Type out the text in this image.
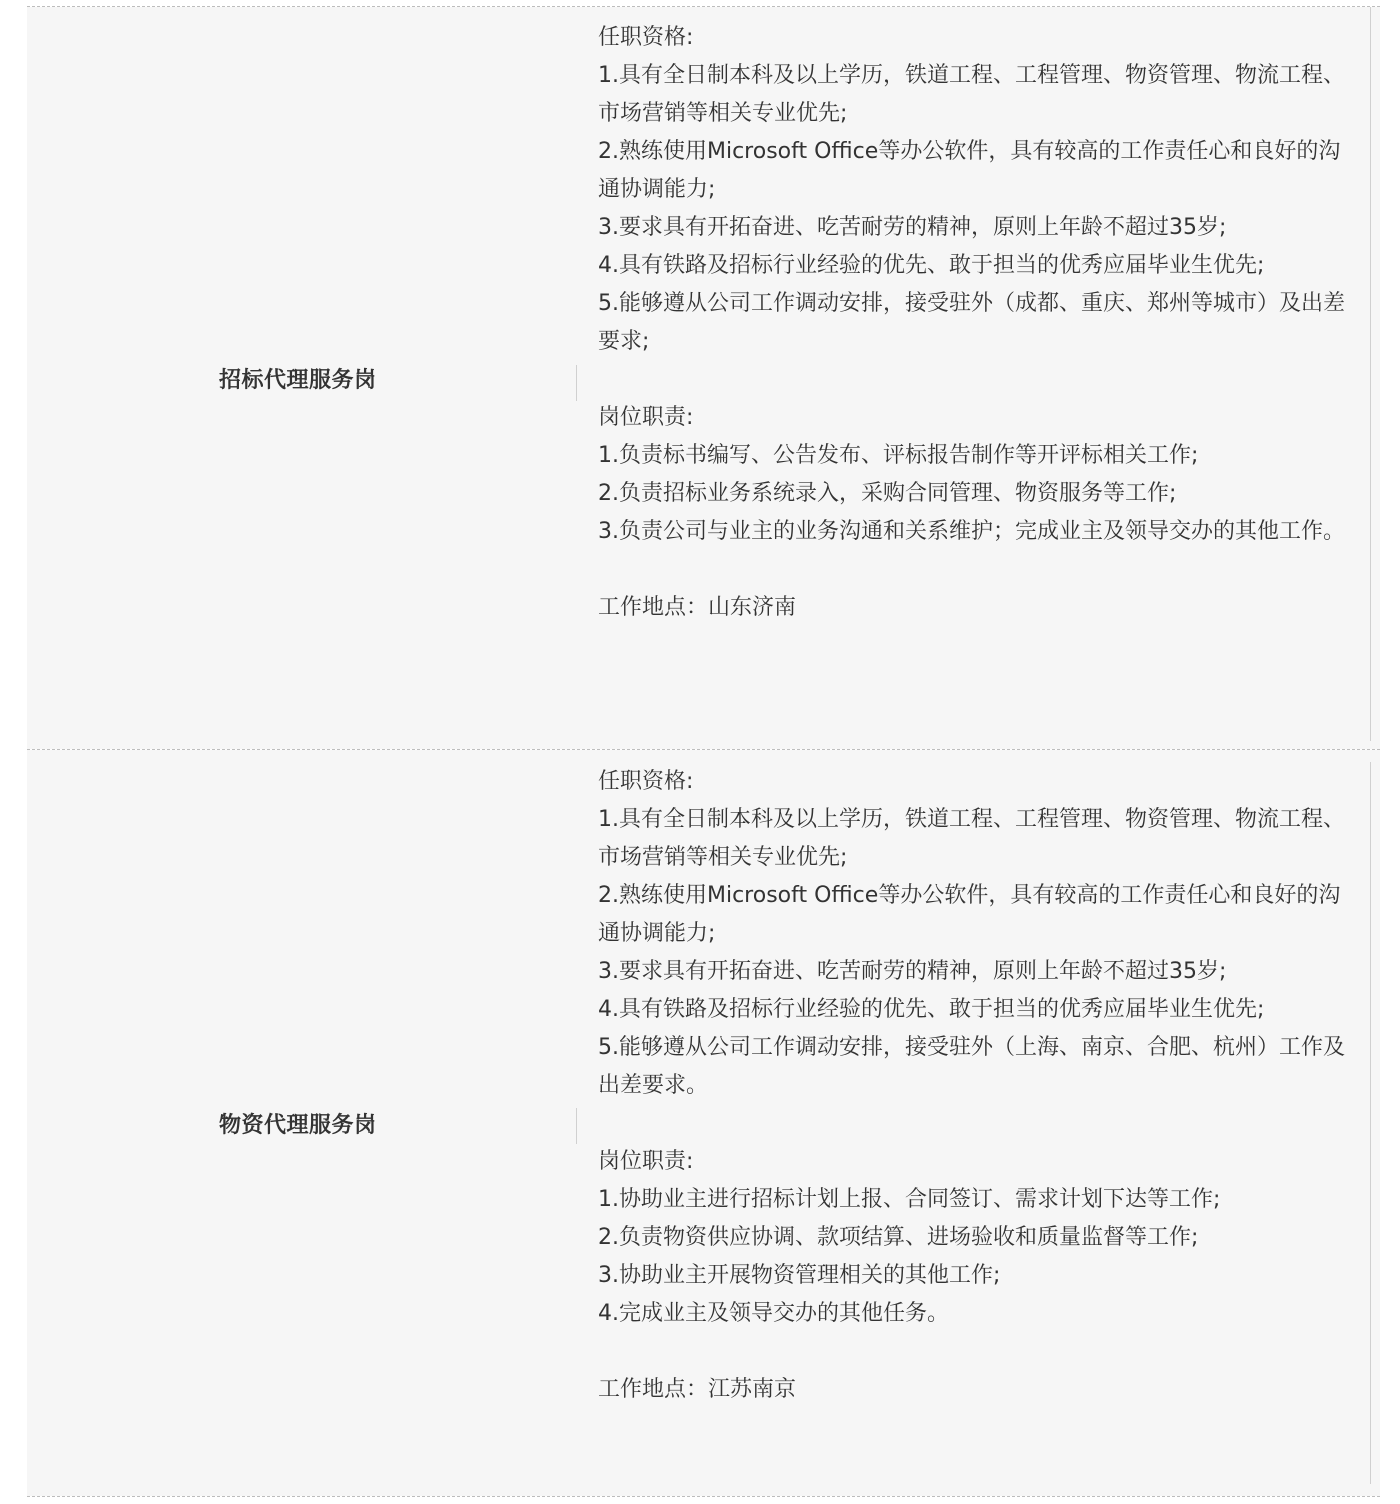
招标代理服务岗

任职资格:

1.具有全日制本科及以上学历，铁道工程、工程管理、物资管理、物流工程、市场营销等相关专业优先;

2.熟练使用Microsoft Office等办公软件，具有较高的工作责任心和良好的沟通协调能力;

3.要求具有开拓奋进、吃苦耐劳的精神，原则上年龄不超过35岁;

4.具有铁路及招标行业经验的优先、敢于担当的优秀应届毕业生优先;

5.能够遵从公司工作调动安排，接受驻外（成都、重庆、郑州等城市）及出差要求;

岗位职责:

1.负责标书编写、公告发布、评标报告制作等开评标相关工作;

2.负责招标业务系统录入，采购合同管理、物资服务等工作;

3.负责公司与业主的业务沟通和关系维护；完成业主及领导交办的其他工作。

工作地点：山东济南

物资代理服务岗

任职资格:

1.具有全日制本科及以上学历，铁道工程、工程管理、物资管理、物流工程、市场营销等相关专业优先;

2.熟练使用Microsoft Office等办公软件，具有较高的工作责任心和良好的沟通协调能力;

3.要求具有开拓奋进、吃苦耐劳的精神，原则上年龄不超过35岁;

4.具有铁路及招标行业经验的优先、敢于担当的优秀应届毕业生优先;

5.能够遵从公司工作调动安排，接受驻外（上海、南京、合肥、杭州）工作及出差要求。

岗位职责:

1.协助业主进行招标计划上报、合同签订、需求计划下达等工作;

2.负责物资供应协调、款项结算、进场验收和质量监督等工作;

3.协助业主开展物资管理相关的其他工作;

4.完成业主及领导交办的其他任务。

工作地点：江苏南京
